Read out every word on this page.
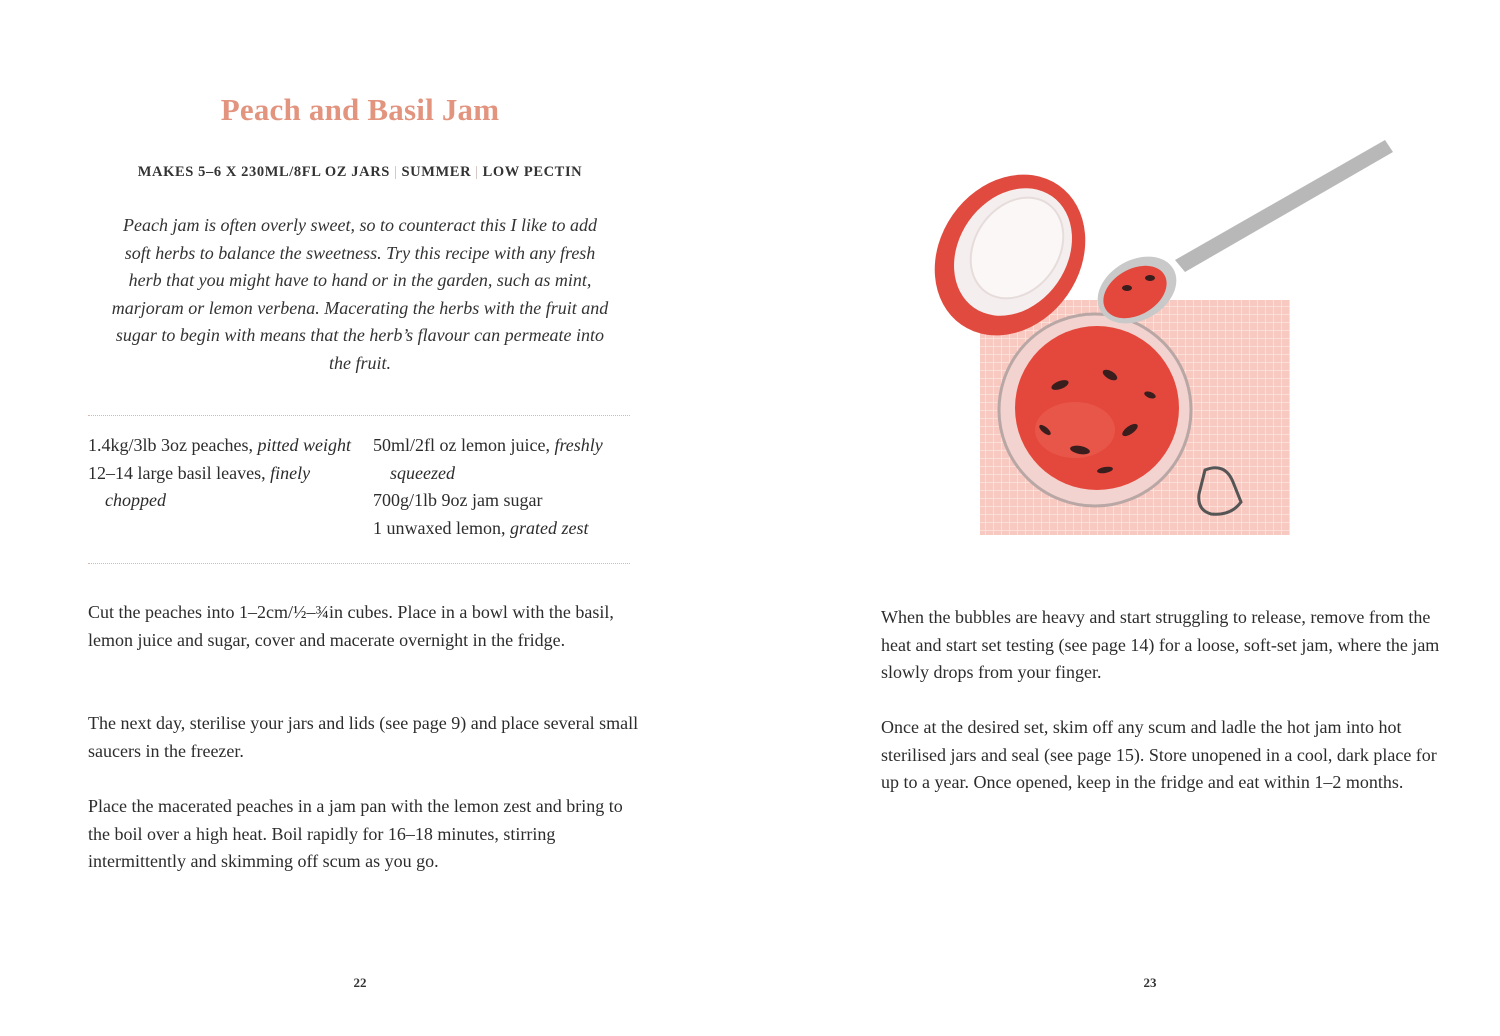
Peach and Basil Jam
MAKES 5–6 X 230ML/8FL OZ JARS | SUMMER | LOW PECTIN
Peach jam is often overly sweet, so to counteract this I like to add soft herbs to balance the sweetness. Try this recipe with any fresh herb that you might have to hand or in the garden, such as mint, marjoram or lemon verbena. Macerating the herbs with the fruit and sugar to begin with means that the herb’s flavour can permeate into the fruit.
1.4kg/3lb 3oz peaches, pitted weight
12–14 large basil leaves, finely chopped
50ml/2fl oz lemon juice, freshly squeezed
700g/1lb 9oz jam sugar
1 unwaxed lemon, grated zest
Cut the peaches into 1–2cm/½–¾in cubes. Place in a bowl with the basil, lemon juice and sugar, cover and macerate overnight in the fridge.
The next day, sterilise your jars and lids (see page 9) and place several small saucers in the freezer.
Place the macerated peaches in a jam pan with the lemon zest and bring to the boil over a high heat. Boil rapidly for 16–18 minutes, stirring intermittently and skimming off scum as you go.
22
When the bubbles are heavy and start struggling to release, remove from the heat and start set testing (see page 14) for a loose, soft-set jam, where the jam slowly drops from your finger.
Once at the desired set, skim off any scum and ladle the hot jam into hot sterilised jars and seal (see page 15). Store unopened in a cool, dark place for up to a year. Once opened, keep in the fridge and eat within 1–2 months.
23
